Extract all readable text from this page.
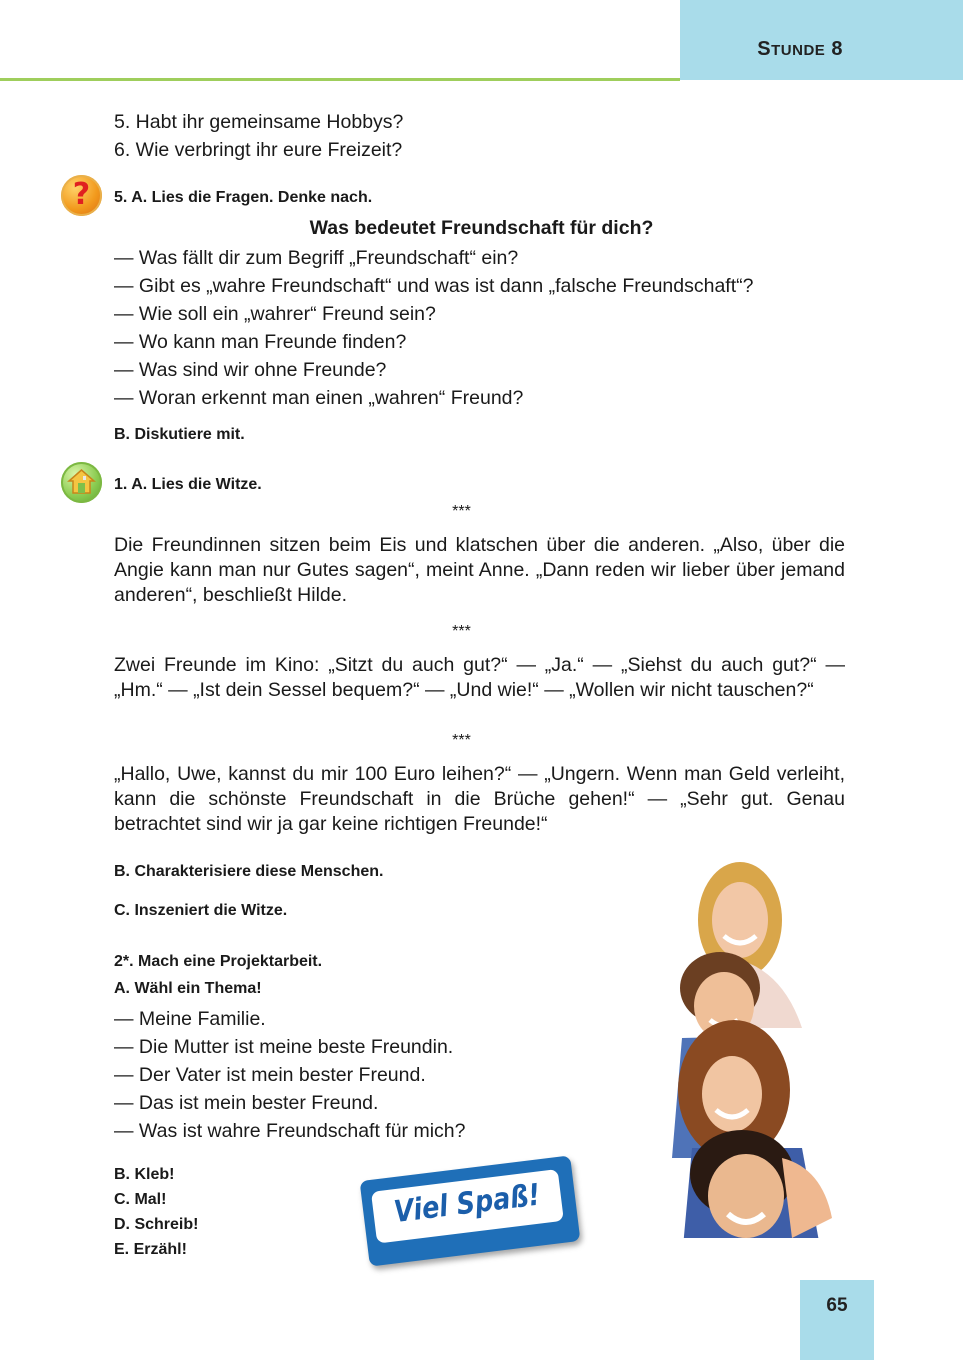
STUNDE 8
5. Habt ihr gemeinsame Hobbys?
6. Wie verbringt ihr eure Freizeit?
?	5. A. Lies die Fragen. Denke nach.
Was bedeutet Freundschaft für dich?
— Was fällt dir zum Begriff „Freundschaft“ ein?
— Gibt es „wahre Freundschaft“ und was ist dann „falsche Freundschaft“?
— Wie soll ein „wahrer“ Freund sein?
— Wo kann man Freunde finden?
— Was sind wir ohne Freunde?
— Woran erkennt man einen „wahren“ Freund?
B. Diskutiere mit.
1. A. Lies die Witze.
***
Die Freundinnen sitzen beim Eis und klatschen über die anderen. „Also, über die Angie kann man nur Gutes sagen“, meint Anne. „Dann reden wir lieber über jemand anderen“, beschließt Hilde.
***
Zwei Freunde im Kino: „Sitzt du auch gut?“ — „Ja.“ — „Siehst du auch gut?“ — „Hm.“ — „Ist dein Sessel bequem?“ — „Und wie!“ — „Wollen wir nicht tauschen?“
***
„Hallo, Uwe, kannst du mir 100 Euro leihen?“ — „Ungern. Wenn man Geld verleiht, kann die schönste Freundschaft in die Brüche gehen!“ — „Sehr gut. Genau betrachtet sind wir ja gar keine richtigen Freunde!“
B. Charakterisiere diese Menschen.
C. Inszeniert die Witze.
2*. Mach eine Projektarbeit.
A. Wähl ein Thema!
— Meine Familie.
— Die Mutter ist meine beste Freundin.
— Der Vater ist mein bester Freund.
— Das ist mein bester Freund.
— Was ist wahre Freundschaft für mich?
B. Kleb!
C. Mal!
D. Schreib!
E. Erzähl!
Viel Spaß!
65
